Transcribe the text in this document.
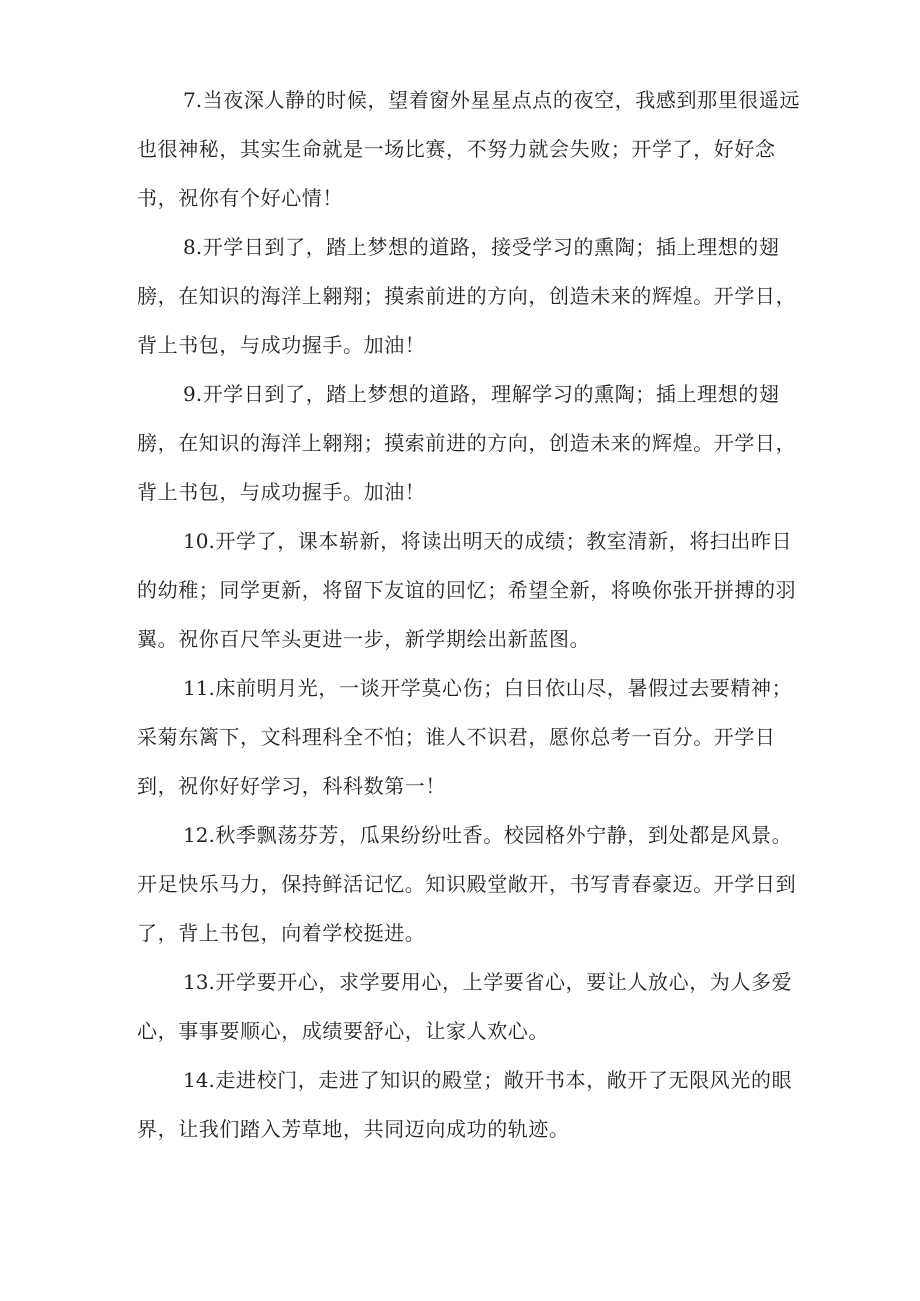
7.当夜深人静的时候，望着窗外星星点点的夜空，我感到那里很遥远也很神秘，其实生命就是一场比赛，不努力就会失败；开学了，好好念书，祝你有个好心情！

8.开学日到了，踏上梦想的道路，接受学习的熏陶；插上理想的翅膀，在知识的海洋上翱翔；摸索前进的方向，创造未来的辉煌。开学日，背上书包，与成功握手。加油！

9.开学日到了，踏上梦想的道路，理解学习的熏陶；插上理想的翅膀，在知识的海洋上翱翔；摸索前进的方向，创造未来的辉煌。开学日，背上书包，与成功握手。加油！

10.开学了，课本崭新，将读出明天的成绩；教室清新，将扫出昨日的幼稚；同学更新，将留下友谊的回忆；希望全新，将唤你张开拼搏的羽翼。祝你百尺竿头更进一步，新学期绘出新蓝图。

11.床前明月光，一谈开学莫心伤；白日依山尽，暑假过去要精神；采菊东篱下，文科理科全不怕；谁人不识君，愿你总考一百分。开学日到，祝你好好学习，科科数第一！

12.秋季飘荡芬芳，瓜果纷纷吐香。校园格外宁静，到处都是风景。开足快乐马力，保持鲜活记忆。知识殿堂敞开，书写青春豪迈。开学日到了，背上书包，向着学校挺进。

13.开学要开心，求学要用心，上学要省心，要让人放心，为人多爱心，事事要顺心，成绩要舒心，让家人欢心。

14.走进校门，走进了知识的殿堂；敞开书本，敞开了无限风光的眼界，让我们踏入芳草地，共同迈向成功的轨迹。
